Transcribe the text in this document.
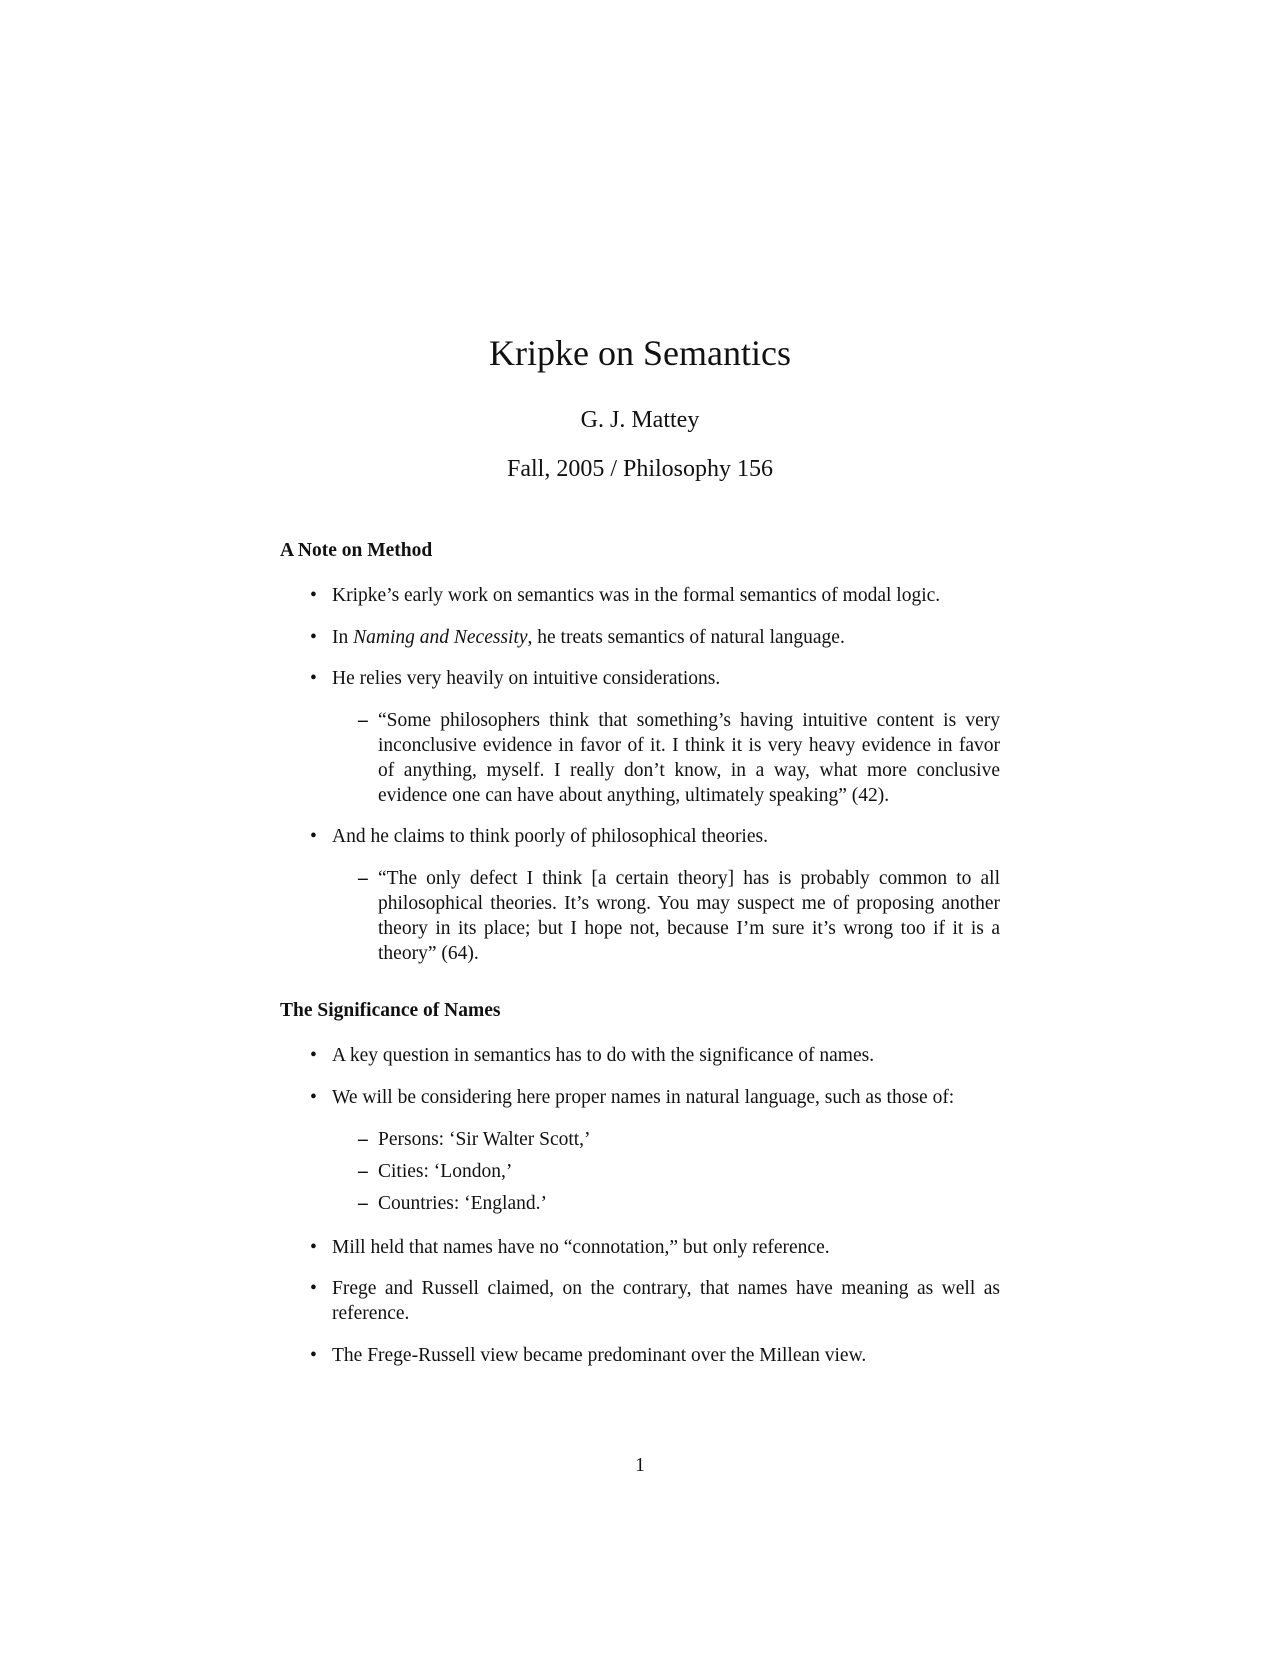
Kripke on Semantics
G. J. Mattey
Fall, 2005 / Philosophy 156
A Note on Method
• Kripke’s early work on semantics was in the formal semantics of modal logic.
• In Naming and Necessity, he treats semantics of natural language.
• He relies very heavily on intuitive considerations.
– “Some philosophers think that something’s having intuitive content is very inconclusive evidence in favor of it. I think it is very heavy evidence in favor of anything, myself. I really don’t know, in a way, what more conclusive evidence one can have about anything, ultimately speaking” (42).
• And he claims to think poorly of philosophical theories.
– “The only defect I think [a certain theory] has is probably common to all philosophical theories. It’s wrong. You may suspect me of proposing another theory in its place; but I hope not, because I’m sure it’s wrong too if it is a theory” (64).
The Significance of Names
• A key question in semantics has to do with the significance of names.
• We will be considering here proper names in natural language, such as those of:
– Persons: ‘Sir Walter Scott,’
– Cities: ‘London,’
– Countries: ‘England.’
• Mill held that names have no “connotation,” but only reference.
• Frege and Russell claimed, on the contrary, that names have meaning as well as reference.
• The Frege-Russell view became predominant over the Millean view.
1
